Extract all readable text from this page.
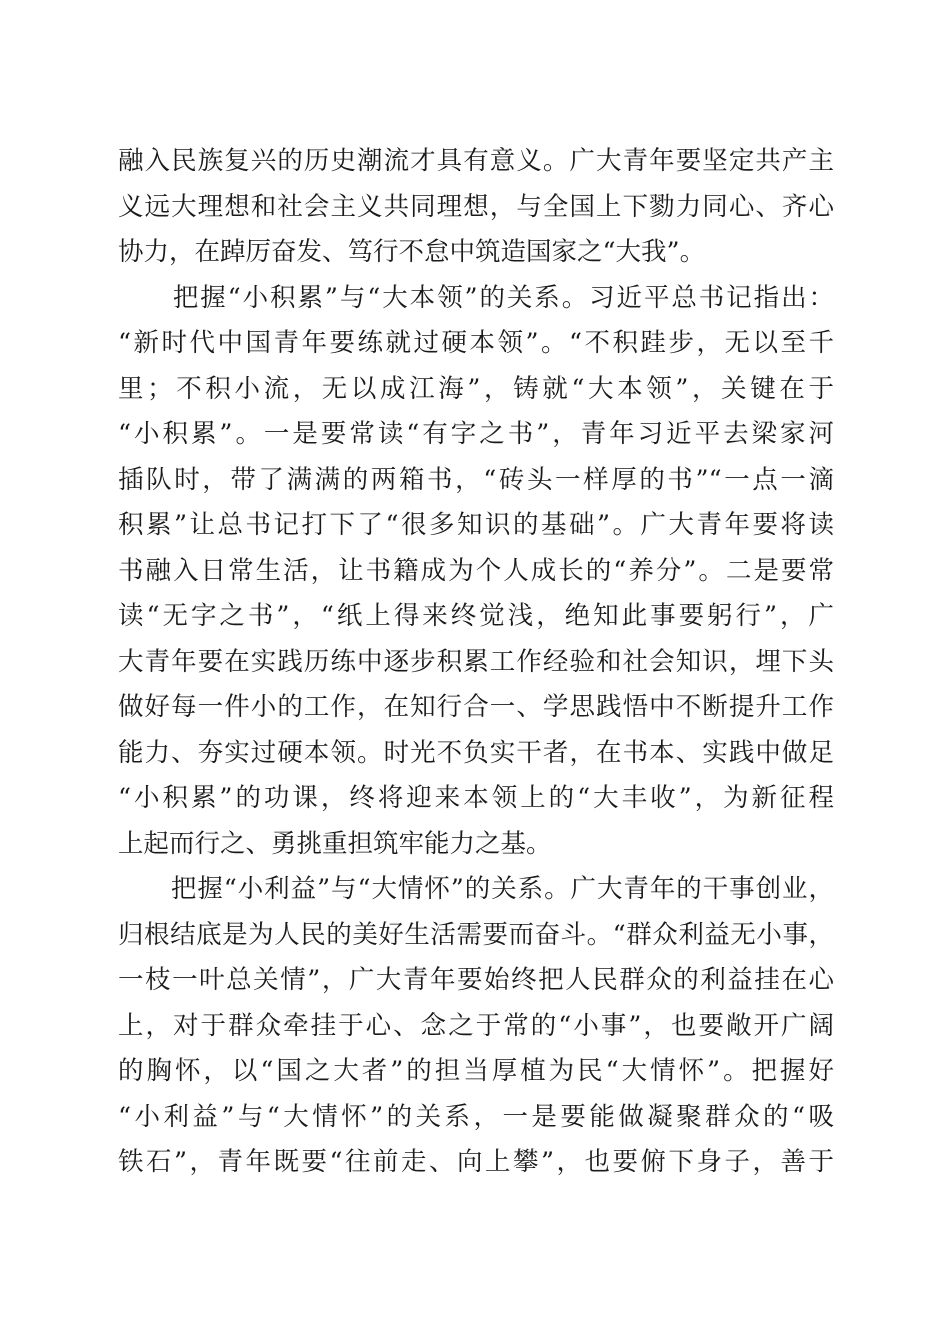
融入民族复兴的历史潮流才具有意义。广大青年要坚定共产主
义远大理想和社会主义共同理想，与全国上下勠力同心、齐心
协力，在踔厉奋发、笃行不怠中筑造国家之“大我”。
　　把握“小积累”与“大本领”的关系。习近平总书记指出：
“新时代中国青年要练就过硬本领”。“不积跬步，无以至千
里；不积小流，无以成江海”，铸就“大本领”，关键在于
“小积累”。一是要常读“有字之书”，青年习近平去梁家河
插队时，带了满满的两箱书，“砖头一样厚的书”“一点一滴
积累”让总书记打下了“很多知识的基础”。广大青年要将读
书融入日常生活，让书籍成为个人成长的“养分”。二是要常
读“无字之书”，“纸上得来终觉浅，绝知此事要躬行”，广
大青年要在实践历练中逐步积累工作经验和社会知识，埋下头
做好每一件小的工作，在知行合一、学思践悟中不断提升工作
能力、夯实过硬本领。时光不负实干者，在书本、实践中做足
“小积累”的功课，终将迎来本领上的“大丰收”，为新征程
上起而行之、勇挑重担筑牢能力之基。
　　把握“小利益”与“大情怀”的关系。广大青年的干事创业，
归根结底是为人民的美好生活需要而奋斗。“群众利益无小事，
一枝一叶总关情”，广大青年要始终把人民群众的利益挂在心
上，对于群众牵挂于心、念之于常的“小事”，也要敞开广阔
的胸怀，以“国之大者”的担当厚植为民“大情怀”。把握好
“小利益”与“大情怀”的关系，一是要能做凝聚群众的“吸
铁石”，青年既要“往前走、向上攀”，也要俯下身子，善于
